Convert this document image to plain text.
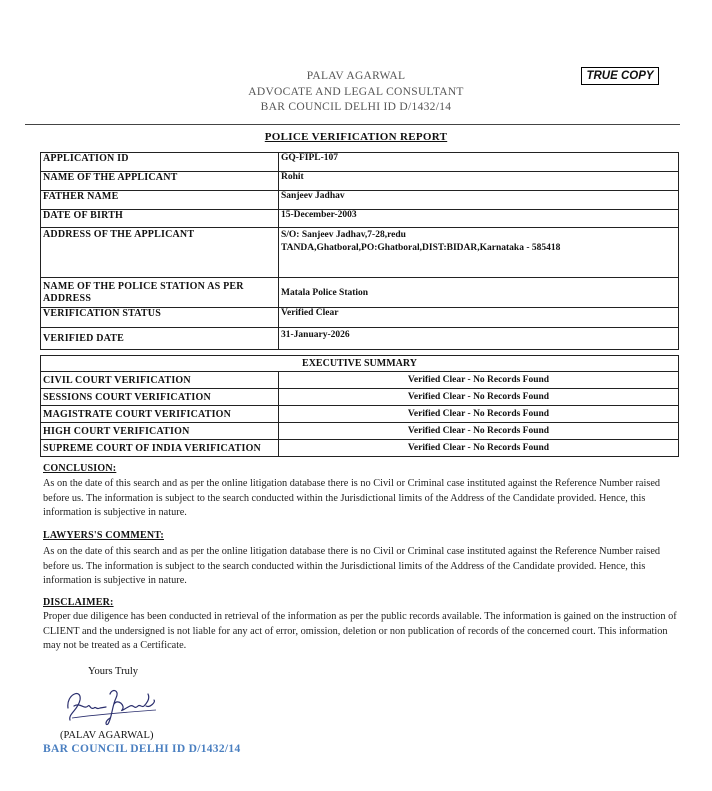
PALAV AGARWAL
ADVOCATE AND LEGAL CONSULTANT
BAR COUNCIL DELHI ID D/1432/14
TRUE COPY
POLICE VERIFICATION REPORT
APPLICATION ID	GQ-FIPL-107
NAME OF THE APPLICANT	Rohit
FATHER NAME	Sanjeev Jadhav
DATE OF BIRTH	15-December-2003
ADDRESS OF THE APPLICANT	S/O: Sanjeev Jadhav,7-28,redu TANDA,Ghatboral,PO:Ghatboral,DIST:BIDAR,Karnataka - 585418
NAME OF THE POLICE STATION AS PER ADDRESS	Matala Police Station
VERIFICATION STATUS	Verified Clear
VERIFIED DATE	31-January-2026
EXECUTIVE SUMMARY	
CIVIL COURT VERIFICATION	Verified Clear - No Records Found
SESSIONS COURT VERIFICATION	Verified Clear - No Records Found
MAGISTRATE COURT VERIFICATION	Verified Clear - No Records Found
HIGH COURT VERIFICATION	Verified Clear - No Records Found
SUPREME COURT OF INDIA VERIFICATION	Verified Clear - No Records Found
CONCLUSION:
As on the date of this search and as per the online litigation database there is no Civil or Criminal case instituted against the Reference Number raised before us. The information is subject to the search conducted within the Jurisdictional limits of the Address of the Candidate provided. Hence, this information is subjective in nature.
LAWYERS'S COMMENT:
As on the date of this search and as per the online litigation database there is no Civil or Criminal case instituted against the Reference Number raised before us. The information is subject to the search conducted within the Jurisdictional limits of the Address of the Candidate provided. Hence, this information is subjective in nature.
DISCLAIMER:
Proper due diligence has been conducted in retrieval of the information as per the public records available. The information is gained on the instruction of CLIENT and the undersigned is not liable for any act of error, omission, deletion or non publication of records of the concerned court. This information may not be treated as a Certificate.
Yours Truly
(PALAV AGARWAL)
BAR COUNCIL DELHI ID D/1432/14
